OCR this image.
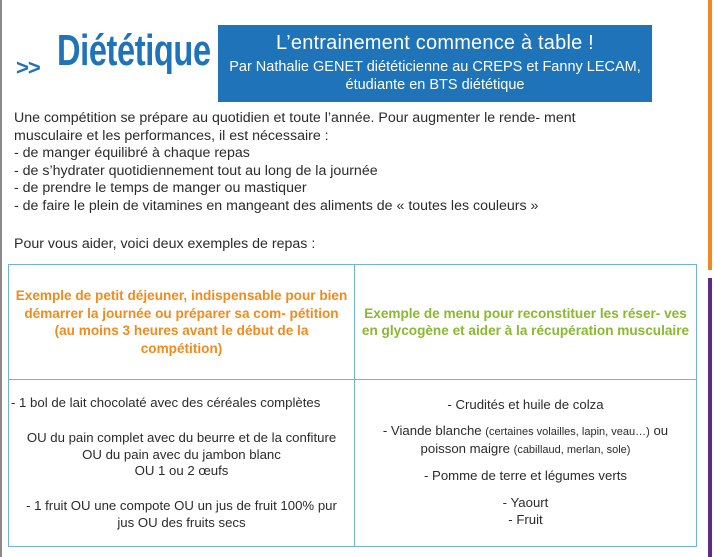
>> Diététique	L’entrainement commence à table !
Par Nathalie GENET diététicienne au CREPS et Fanny LECAM,
étudiante en BTS diététique

Une compétition se prépare au quotidien et toute l’année. Pour augmenter le rende- ment musculaire et les performances, il est nécessaire :

- de manger équilibré à chaque repas

- de s’hydrater quotidiennement tout au long de la journée

- de prendre le temps de manger ou mastiquer

- de faire le plein de vitamines en mangeant des aliments de « toutes les couleurs »

Pour vous aider, voici deux exemples de repas :
Exemple de petit déjeuner, indispensable pour bien démarrer la journée ou préparer sa com- pétition (au moins 3 heures avant le début de la compétition)
Exemple de menu pour reconstituer les réser- ves en glycogène et aider à la récupération musculaire
- 1 bol de lait chocolaté avec des céréales complètes
OU du pain complet avec du beurre et de la confiture
OU du pain avec du jambon blanc
OU 1 ou 2 œufs
- 1 fruit OU une compote OU un jus de fruit 100% pur
jus OU des fruits secs
- Crudités et huile de colza
- Viande blanche (certaines volailles, lapin, veau…) ou
poisson maigre (cabillaud, merlan, sole)
- Pomme de terre et légumes verts
- Yaourt
- Fruit
